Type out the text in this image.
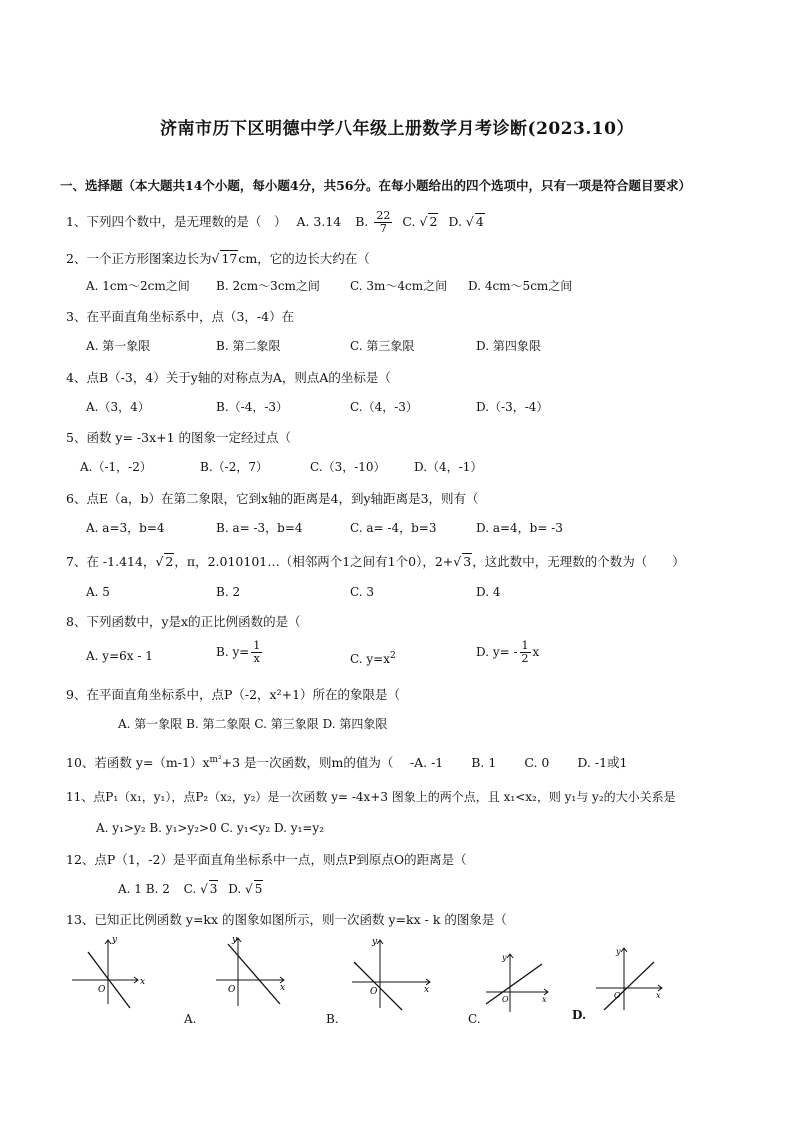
济南市历下区明德中学八年级上册数学月考诊断(2023.10）
一、选择题（本大题共14个小题，每小题4分，共56分。在每小题给出的四个选项中，只有一项是符合题目要求）
1、下列四个数中，是无理数的是（　） A. 3.14 B. $\frac{22}{7} C$. √ 2 D. √ 4
2、一个正方形图案边长为√ 17cm，它的边长大约在（
A. 1cm～2cm之间 B. 2cm～3cm之间	C. 3m～4cm之间 D. 4cm～5cm之间
3、在平面直角坐标系中，点（3，-4）在
A. 第一象限	B. 第二象限	C. 第三象限	D. 第四象限
4、点B（-3，4）关于y轴的对称点为A，则点A的坐标是（
A.（3，4）	B.（-4，-3）	C.（4，-3）	D.（-3，-4）
5、函数 y= -3x+1 的图象一定经过点（
A.（-1，-2）	B.（-2，7）	C.（3，-10） D.（4，-1）
6、点E（a，b）在第二象限，它到x轴的距离是4，到y轴距离是3，则有（
A. a=3，b=4	B. a= -3，b=4	C. a= -4，b=3	D. a=4，b= -3
7、在 -1.414，√ 2，π，2.010101…（相邻两个1之间有1个0），2+√ 3，这此数中，无理数的个数为（　　）
A. 5	B. 2	C. 3	D. 4
8、下列函数中，y是x的正比例函数的是（
A. y=6x - 1	B. $y= \frac{1}{x}$	C. $y=x^2$	D. $y= - \frac{1}{2}$ x
9、在平面直角坐标系中，点P（-2，x²+1）所在的象限是（
A. 第一象限 B. 第二象限 C. 第三象限 D. 第四象限
10、若函数 $y=(m-1)x^{m^2}+3$ 是一次函数，则m的值为（　 -A. -1 B. 1 C. 0 D. -1或1
11、点P₁（x₁，y₁），点P₂（x₂，y₂）是一次函数 y= -4x+3 图象上的两个点，且 x₁<x₂，则 y₁与 y₂的大小关系是
A. y₁>y₂ B. y₁>y₂>0 C. y₁<y₂ D. y₁=y₂
12、点P（1，-2）是平面直角坐标系中一点，则点P到原点O的距离是（
A. 1 B. 2 C. √ 3 D. √ 5
13、已知正比例函数 y=kx 的图象如图所示，则一次函数 y=kx - k 的图象是（
y
x
O
y
x
O
A.
y
x
O
B.
y
x
O
C.
y
x
O
D.
